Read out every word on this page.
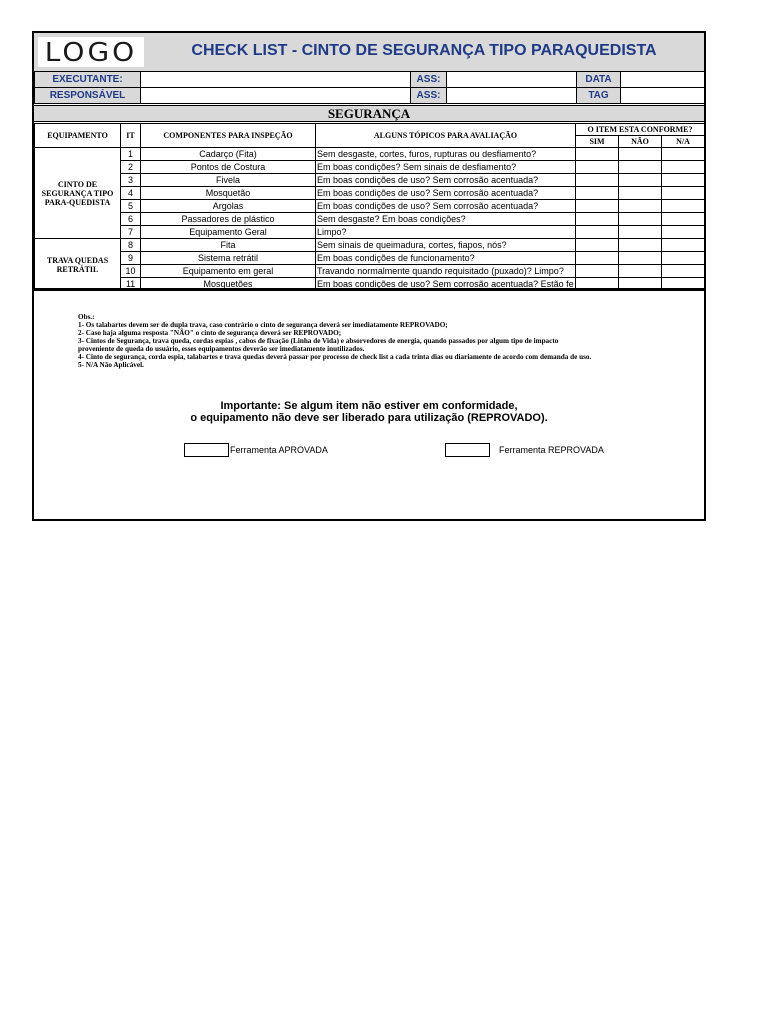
LOGO	CHECK LIST - CINTO DE SEGURANÇA TIPO PARAQUEDISTA
EXECUTANTE:		ASS:		DATA	
RESPONSÁVEL		ASS:		TAG	
SEGURANÇA
EQUIPAMENTO	IT	COMPONENTES PARA INSPEÇÃO	ALGUNS TÓPICOS PARA AVALIAÇÃO	O ITEM ESTA CONFORME?		
				SIM	NÃO	N/A
CINTO DE SEGURANÇA TIPO PARA-QUEDISTA	1	Cadarço (Fita)	Sem desgaste, cortes, furos, rupturas ou desfiamento?			
	2	Pontos de Costura	Em boas condições? Sem sinais de desfiamento?			
	3	Fivela	Em boas condições de uso? Sem corrosão acentuada?			
	4	Mosquetão	Em boas condições de uso? Sem corrosão acentuada?			
	5	Argolas	Em boas condições de uso? Sem corrosão acentuada?			
	6	Passadores de plástico	Sem desgaste? Em boas condições?			
	7	Equipamento Geral	Limpo?			
TRAVA QUEDAS RETRÁTIL	8	Fita	Sem sinais de queimadura, cortes, fiapos, nós?			
	9	Sistema retrátil	Em boas condições de funcionamento?			
	10	Equipamento em geral	Travando normalmente quando requisitado (puxado)? Limpo?			
	11	Mosquetões	Em boas condições de uso? Sem corrosão acentuada? Estão fe			
Obs.:
1- Os talabartes devem ser de dupla trava, caso contrário o cinto de segurança deverá ser imediatamente REPROVADO;
2- Caso haja alguma resposta "NÃO" o cinto de segurança deverá ser REPROVADO;
3- Cintos de Segurança, trava queda, cordas espias , cabos de fixação (Linha de Vida) e absorvedores de energia, quando passados por algum tipo de impacto
proveniente de queda do usuário, esses equipamentos deverão ser imediatamente inutilizados.
4- Cinto de segurança, corda espia, talabartes e trava quedas deverá passar por processo de check list a cada trinta dias ou diariamente de acordo com demanda de uso.
5- N/A Não Aplicável.
Importante: Se algum item não estiver em conformidade,
o equipamento não deve ser liberado para utilização (REPROVADO).
Ferramenta APROVADA	Ferramenta REPROVADA
